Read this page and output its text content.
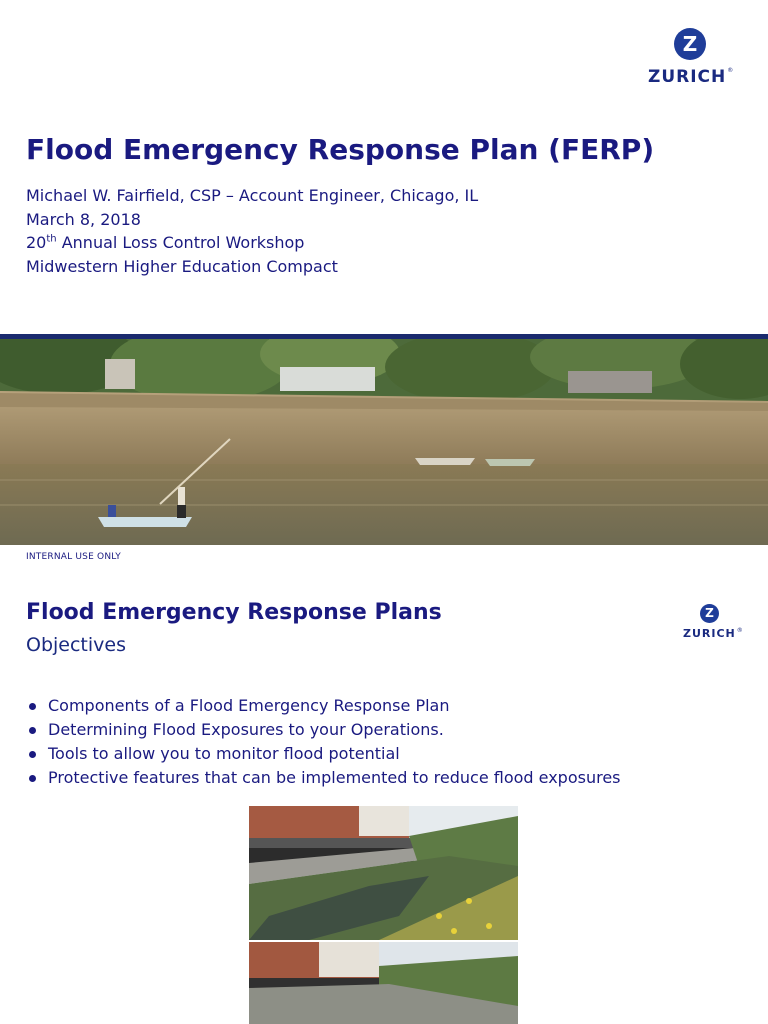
Z
ZURICH®
Flood Emergency Response Plan (FERP)
Michael W. Fairfield, CSP – Account Engineer, Chicago, IL
March 8, 2018
20th Annual Loss Control Workshop
Midwestern Higher Education Compact
INTERNAL USE ONLY
Z
ZURICH®
Flood Emergency Response Plans
Objectives
Components of a Flood Emergency Response Plan
Determining Flood Exposures to your Operations.
Tools to allow you to monitor flood potential
Protective features that can be implemented to reduce flood exposures
